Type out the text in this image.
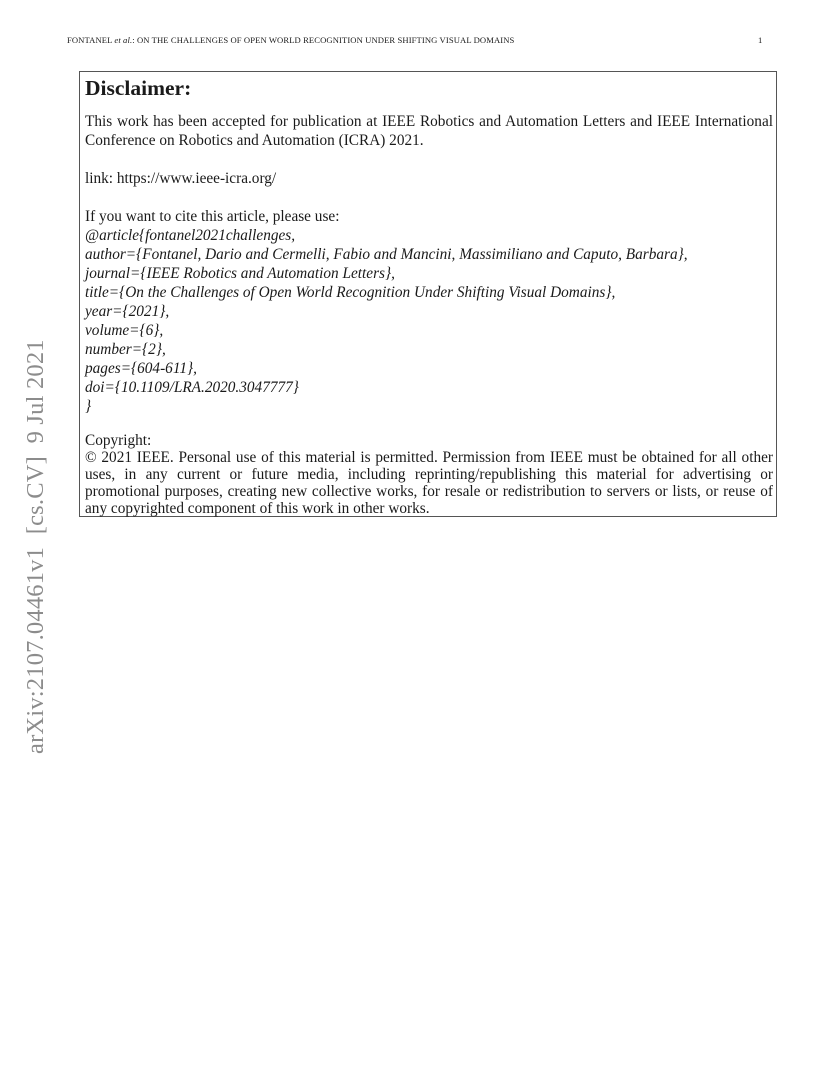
FONTANEL et al.: ON THE CHALLENGES OF OPEN WORLD RECOGNITION UNDER SHIFTING VISUAL DOMAINS	1
arXiv:2107.04461v1  [cs.CV]  9 Jul 2021
Disclaimer:
This work has been accepted for publication at IEEE Robotics and Automation Letters and IEEE International Conference on Robotics and Automation (ICRA) 2021.
link: https://www.ieee-icra.org/
If you want to cite this article, please use:
@article{fontanel2021challenges,
author={Fontanel, Dario and Cermelli, Fabio and Mancini, Massimiliano and Caputo, Barbara},
journal={IEEE Robotics and Automation Letters},
title={On the Challenges of Open World Recognition Under Shifting Visual Domains},
year={2021},
volume={6},
number={2},
pages={604-611},
doi={10.1109/LRA.2020.3047777}
}
Copyright:
© 2021 IEEE. Personal use of this material is permitted. Permission from IEEE must be obtained for all other uses, in any current or future media, including reprinting/republishing this material for advertising or promotional purposes, creating new collective works, for resale or redistribution to servers or lists, or reuse of any copyrighted component of this work in other works.
